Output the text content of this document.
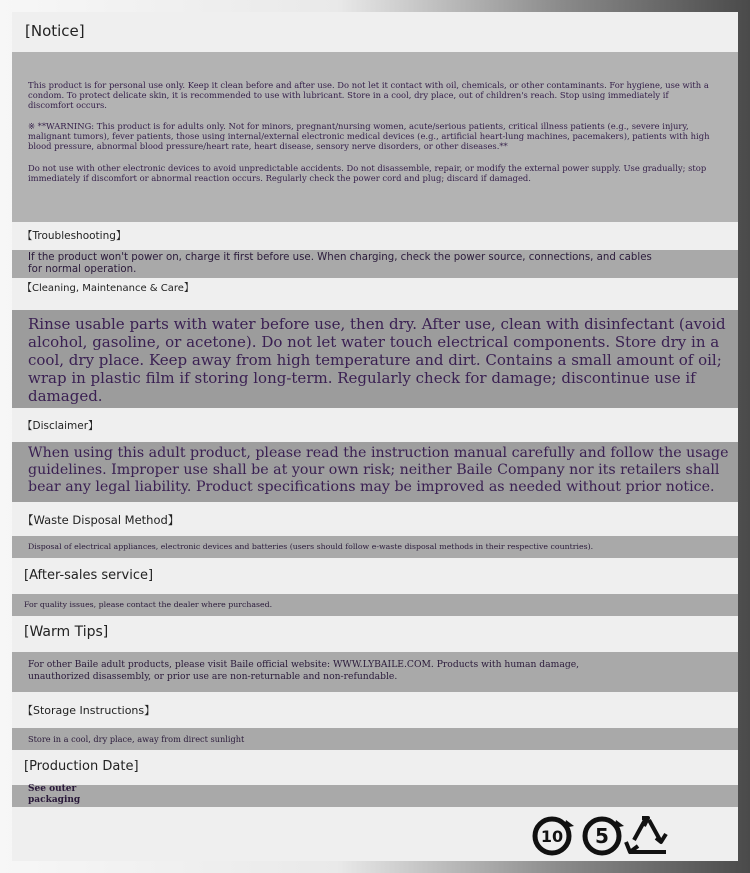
[Notice]
This product is for personal use only. Keep it clean before and after use. Do not let it contact with oil, chemicals, or other contaminants. For hygiene, use with a condom. To protect delicate skin, it is recommended to use with lubricant. Store in a cool, dry place, out of children's reach. Stop using immediately if discomfort occurs.
※ **WARNING: This product is for adults only. Not for minors, pregnant/nursing women, acute/serious patients, critical illness patients (e.g., severe injury, malignant tumors), fever patients, those using internal/external electronic medical devices (e.g., artificial heart-lung machines, pacemakers), patients with high blood pressure, abnormal blood pressure/heart rate, heart disease, sensory nerve disorders, or other diseases.**
Do not use with other electronic devices to avoid unpredictable accidents. Do not disassemble, repair, or modify the external power supply. Use gradually; stop immediately if discomfort or abnormal reaction occurs. Regularly check the power cord and plug; discard if damaged.
【Troubleshooting】
If the product won't power on, charge it first before use. When charging, check the power source, connections, and cables for normal operation.
【Cleaning, Maintenance & Care】
Rinse usable parts with water before use, then dry. After use, clean with disinfectant (avoid alcohol, gasoline, or acetone). Do not let water touch electrical components. Store dry in a cool, dry place. Keep away from high temperature and dirt. Contains a small amount of oil; wrap in plastic film if storing long-term. Regularly check for damage; discontinue use if damaged.
【Disclaimer】
When using this adult product, please read the instruction manual carefully and follow the usage guidelines. Improper use shall be at your own risk; neither Baile Company nor its retailers shall bear any legal liability. Product specifications may be improved as needed without prior notice.
【Waste Disposal Method】
Disposal of electrical appliances, electronic devices and batteries (users should follow e-waste disposal methods in their respective countries).
[After-sales service]
For quality issues, please contact the dealer where purchased.
[Warm Tips]
For other Baile adult products, please visit Baile official website: WWW.LYBAILE.COM. Products with human damage, unauthorized disassembly, or prior use are non-returnable and non-refundable.
【Storage Instructions】
Store in a cool, dry place, away from direct sunlight
[Production Date]
See outer packaging
10 5
